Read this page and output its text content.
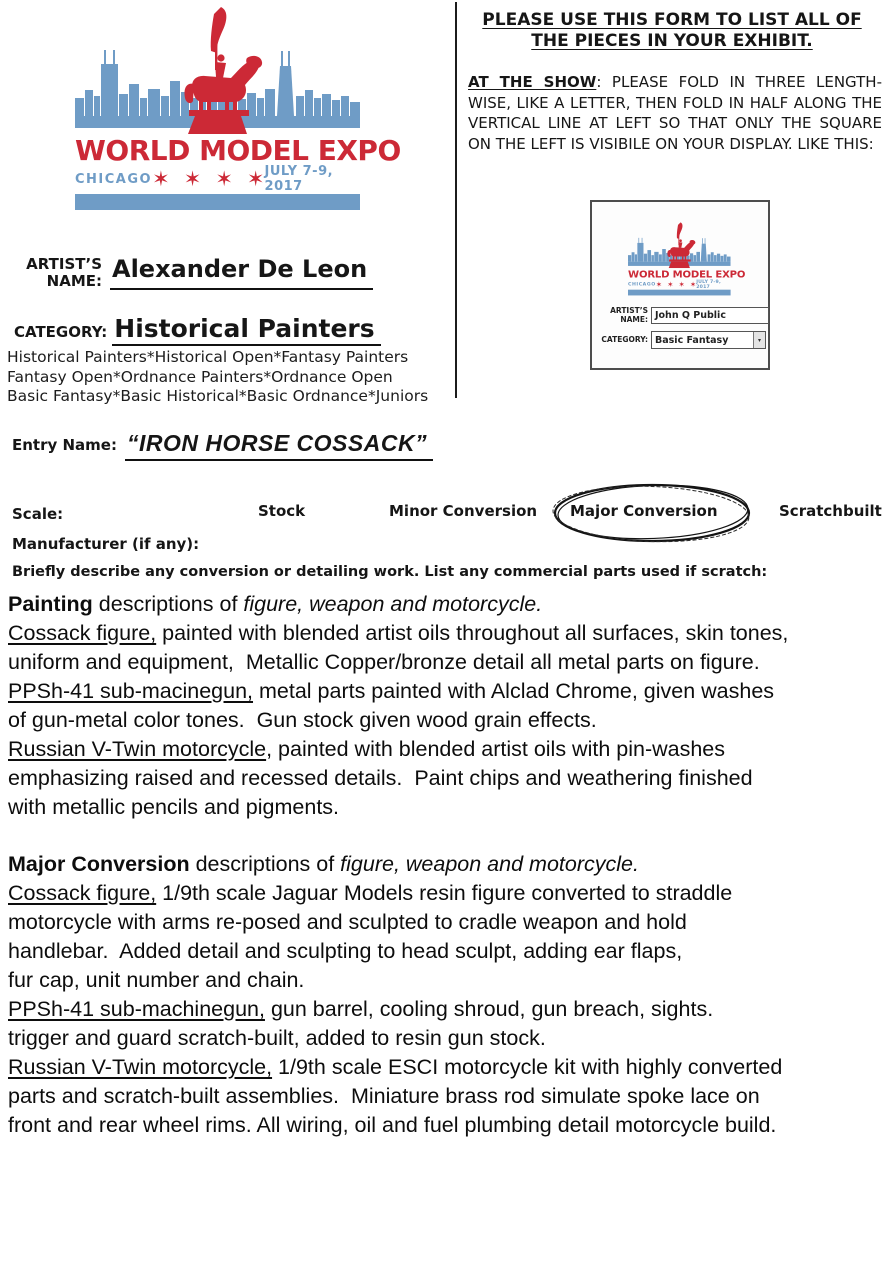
WORLD MODEL EXPO
CHICAGO ✶ ✶ ✶ ✶ JULY 7-9, 2017
PLEASE USE THIS FORM TO LIST ALL OF
THE PIECES IN YOUR EXHIBIT.
AT THE SHOW: PLEASE FOLD IN THREE LENGTH-WISE, LIKE A LETTER, THEN FOLD IN HALF ALONG THE VERTICAL LINE AT LEFT SO THAT ONLY THE SQUARE ON THE LEFT IS VISIBILE ON YOUR DISPLAY. LIKE THIS:
WORLD MODEL EXPO
CHICAGO ✶ ✶ ✶ ✶ JULY 7-9, 2017
ARTIST’S
NAME: John Q Public
CATEGORY: Basic Fantasy	▾
ARTIST’S
NAME: Alexander De Leon
CATEGORY: Historical Painters
Historical Painters*Historical Open*Fantasy Painters
Fantasy Open*Ordnance Painters*Ordnance Open
Basic Fantasy*Basic Historical*Basic Ordnance*Juniors
Entry Name: “IRON HORSE COSSACK”
Scale:	Stock	Minor Conversion Major Conversion	Scratchbuilt
Manufacturer (if any):
Briefly describe any conversion or detailing work. List any commercial parts used if scratch:
Painting descriptions of figure, weapon and motorcycle.
Cossack figure, painted with blended artist oils throughout all surfaces, skin tones,
uniform and equipment,  Metallic Copper/bronze detail all metal parts on figure.
PPSh-41 sub-macinegun, metal parts painted with Alclad Chrome, given washes
of gun-metal color tones.  Gun stock given wood grain effects.
Russian V-Twin motorcycle, painted with blended artist oils with pin-washes
emphasizing raised and recessed details.  Paint chips and weathering finished
with metallic pencils and pigments.
Major Conversion descriptions of figure, weapon and motorcycle.
Cossack figure, 1/9th scale Jaguar Models resin figure converted to straddle
motorcycle with arms re-posed and sculpted to cradle weapon and hold
handlebar.  Added detail and sculpting to head sculpt, adding ear flaps,
fur cap, unit number and chain.
PPSh-41 sub-machinegun, gun barrel, cooling shroud, gun breach, sights.
trigger and guard scratch-built, added to resin gun stock.
Russian V-Twin motorcycle, 1/9th scale ESCI motorcycle kit with highly converted
parts and scratch-built assemblies.  Miniature brass rod simulate spoke lace on
front and rear wheel rims. All wiring, oil and fuel plumbing detail motorcycle build.
